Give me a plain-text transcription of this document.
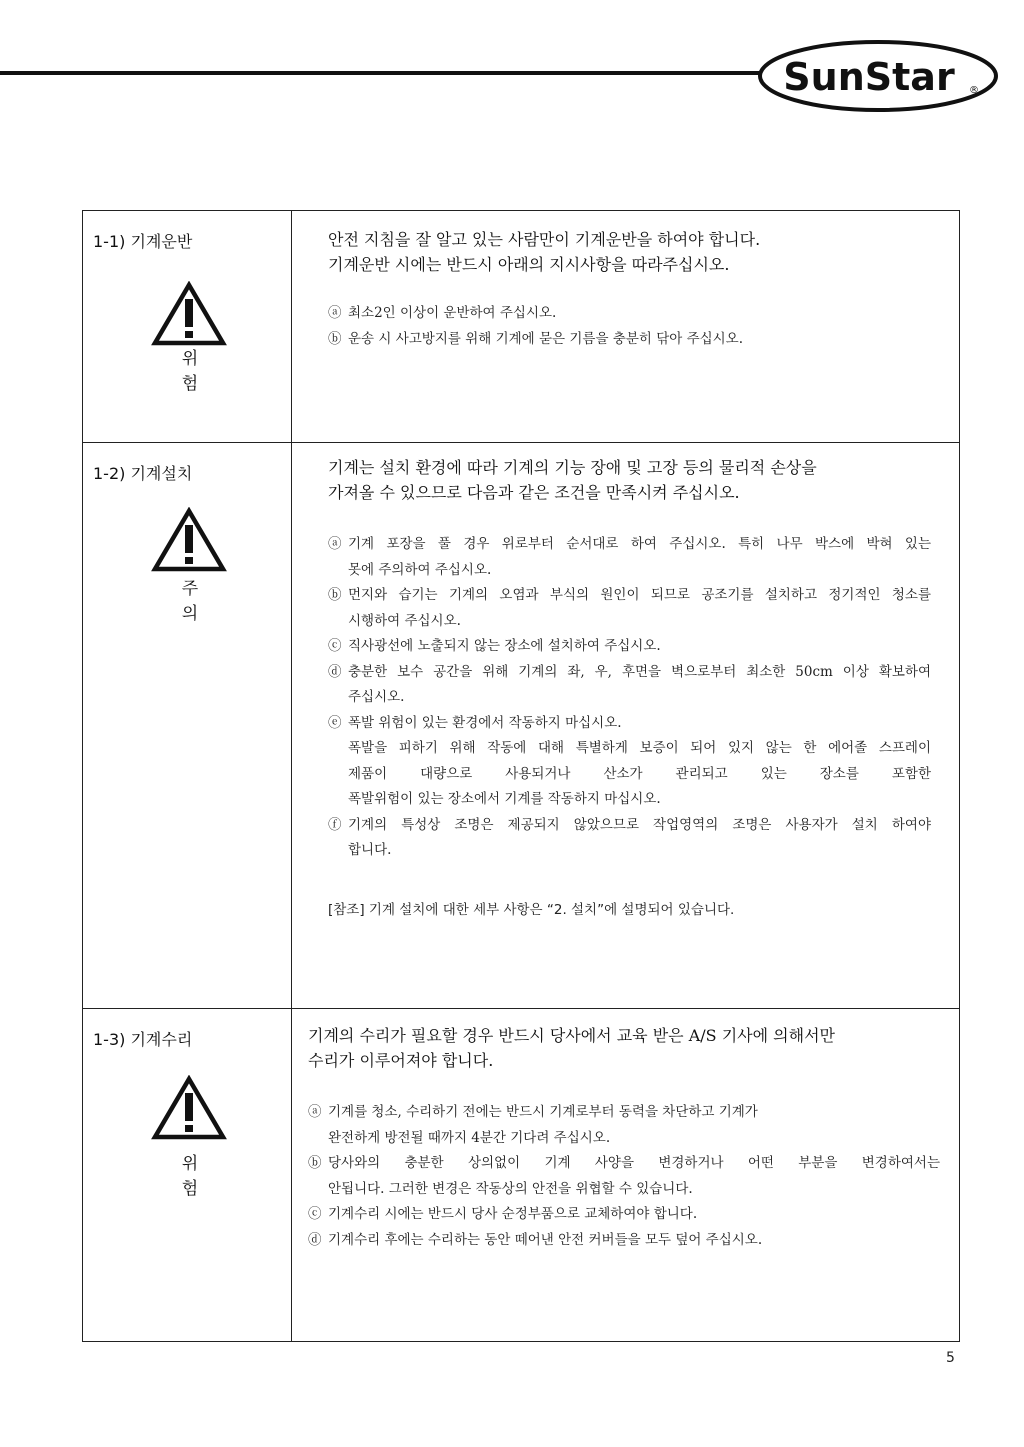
SunStar ®
1-1) 기계운반
위 험
안전 지침을 잘 알고 있는 사람만이 기계운반을 하여야 합니다.
기계운반 시에는 반드시 아래의 지시사항을 따라주십시오.
ⓐ 최소2인 이상이 운반하여 주십시오.
ⓑ 운송 시 사고방지를 위해 기계에 묻은 기름을 충분히 닦아 주십시오.
1-2) 기계설치
주 의
기계는 설치 환경에 따라 기계의 기능 장애 및 고장 등의 물리적 손상을
가져올 수 있으므로 다음과 같은 조건을 만족시켜 주십시오.
ⓐ 기계 포장을 풀 경우 위로부터 순서대로 하여 주십시오. 특히 나무 박스에 박혀 있는
못에 주의하여 주십시오.
ⓑ 먼지와 습기는 기계의 오염과 부식의 원인이 되므로 공조기를 설치하고 정기적인 청소를
시행하여 주십시오.
ⓒ 직사광선에 노출되지 않는 장소에 설치하여 주십시오.
ⓓ 충분한 보수 공간을 위해 기계의 좌, 우, 후면을 벽으로부터 최소한 50cm 이상 확보하여
주십시오.
ⓔ 폭발 위험이 있는 환경에서 작동하지 마십시오.
폭발을 피하기 위해 작동에 대해 특별하게 보증이 되어 있지 않는 한 에어졸 스프레이
제품이 대량으로 사용되거나 산소가 관리되고 있는 장소를 포함한
폭발위험이 있는 장소에서 기계를 작동하지 마십시오.
ⓕ 기계의 특성상 조명은 제공되지 않았으므로 작업영역의 조명은 사용자가 설치 하여야
합니다.
[참조] 기계 설치에 대한 세부 사항은 “2. 설치”에 설명되어 있습니다.
1-3) 기계수리
위 험
기계의 수리가 필요할 경우 반드시 당사에서 교육 받은 A/S 기사에 의해서만
수리가 이루어져야 합니다.
ⓐ 기계를 청소, 수리하기 전에는 반드시 기계로부터 동력을 차단하고 기계가
완전하게 방전될 때까지 4분간 기다려 주십시오.
ⓑ 당사와의 충분한 상의없이 기계 사양을 변경하거나 어떤 부분을 변경하여서는
안됩니다. 그러한 변경은 작동상의 안전을 위협할 수 있습니다.
ⓒ 기계수리 시에는 반드시 당사 순정부품으로 교체하여야 합니다.
ⓓ 기계수리 후에는 수리하는 동안 떼어낸 안전 커버들을 모두 덮어 주십시오.
5
